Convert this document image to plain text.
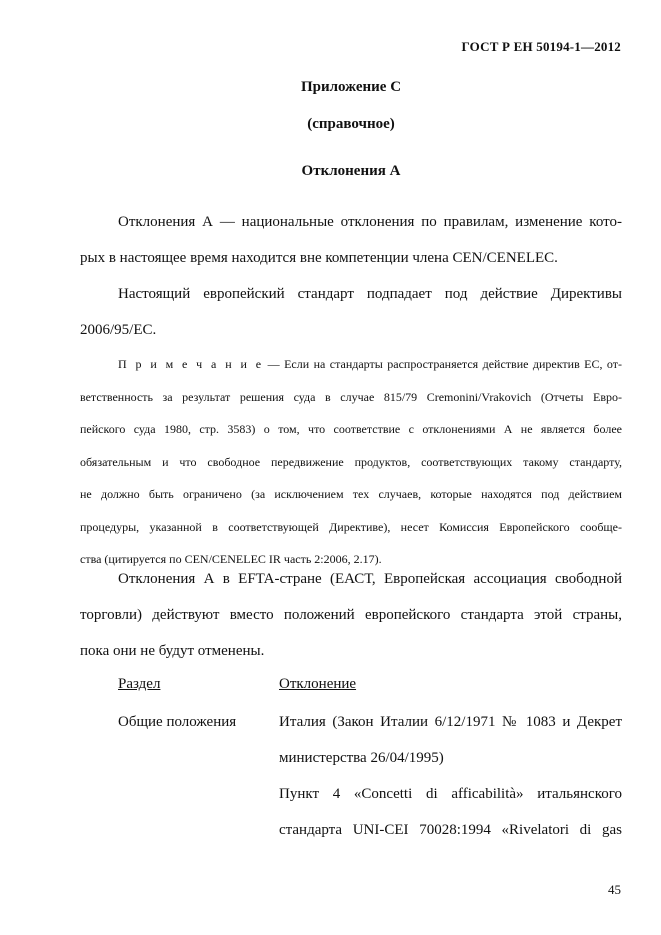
ГОСТ Р ЕН 50194-1—2012
Приложение С
(справочное)
Отклонения А
Отклонения А — национальные отклонения по правилам, изменение кото-
рых в настоящее время находится вне компетенции члена CEN/CENELEC.
Настоящий европейский стандарт подпадает под действие Директивы
2006/95/ЕС.
П р и м е ч а н и е — Если на стандарты распространяется действие директив ЕС, от-
ветственность за результат решения суда в случае 815/79 Cremonini/Vrakovich (Отчеты Евро-
пейского суда 1980, стр. 3583) о том, что соответствие с отклонениями А не является более
обязательным и что свободное передвижение продуктов, соответствующих такому стандарту,
не должно быть ограничено (за исключением тех случаев, которые находятся под действием
процедуры, указанной в соответствующей Директиве), несет Комиссия Европейского сообще-
ства (цитируется по CEN/CENELEC IR часть 2:2006, 2.17).
Отклонения А в EFTA-стране (ЕАСТ, Европейская ассоциация свободной
торговли) действуют вместо положений европейского стандарта этой страны,
пока они не будут отменены.
Раздел	Отклонение
Общие положения	Италия (Закон Италии 6/12/1971 № 1083 и Декрет
министерства 26/04/1995)
Пункт 4 «Concetti di afficabilità» итальянского
стандарта UNI-CEI 70028:1994 «Rivelatori di gas
45
